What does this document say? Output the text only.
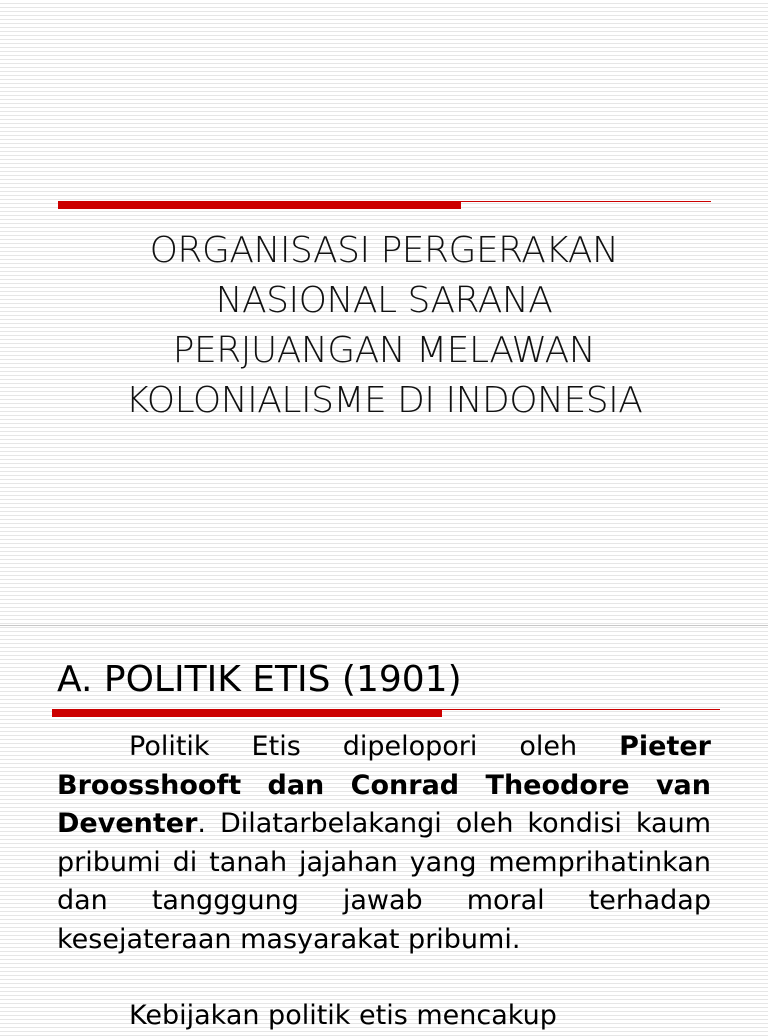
ORGANISASI PERGERAKAN
NASIONAL SARANA
PERJUANGAN MELAWAN
KOLONIALISME DI INDONESIA
A. POLITIK ETIS (1901)

Politik Etis dipelopori oleh Pieter Broosshooft dan Conrad Theodore van Deventer. Dilatarbelakangi oleh kondisi kaum pribumi di tanah jajahan yang memprihatinkan dan tangggung jawab moral terhadap kesejateraan masyarakat pribumi.

Kebijakan politik etis mencakup
